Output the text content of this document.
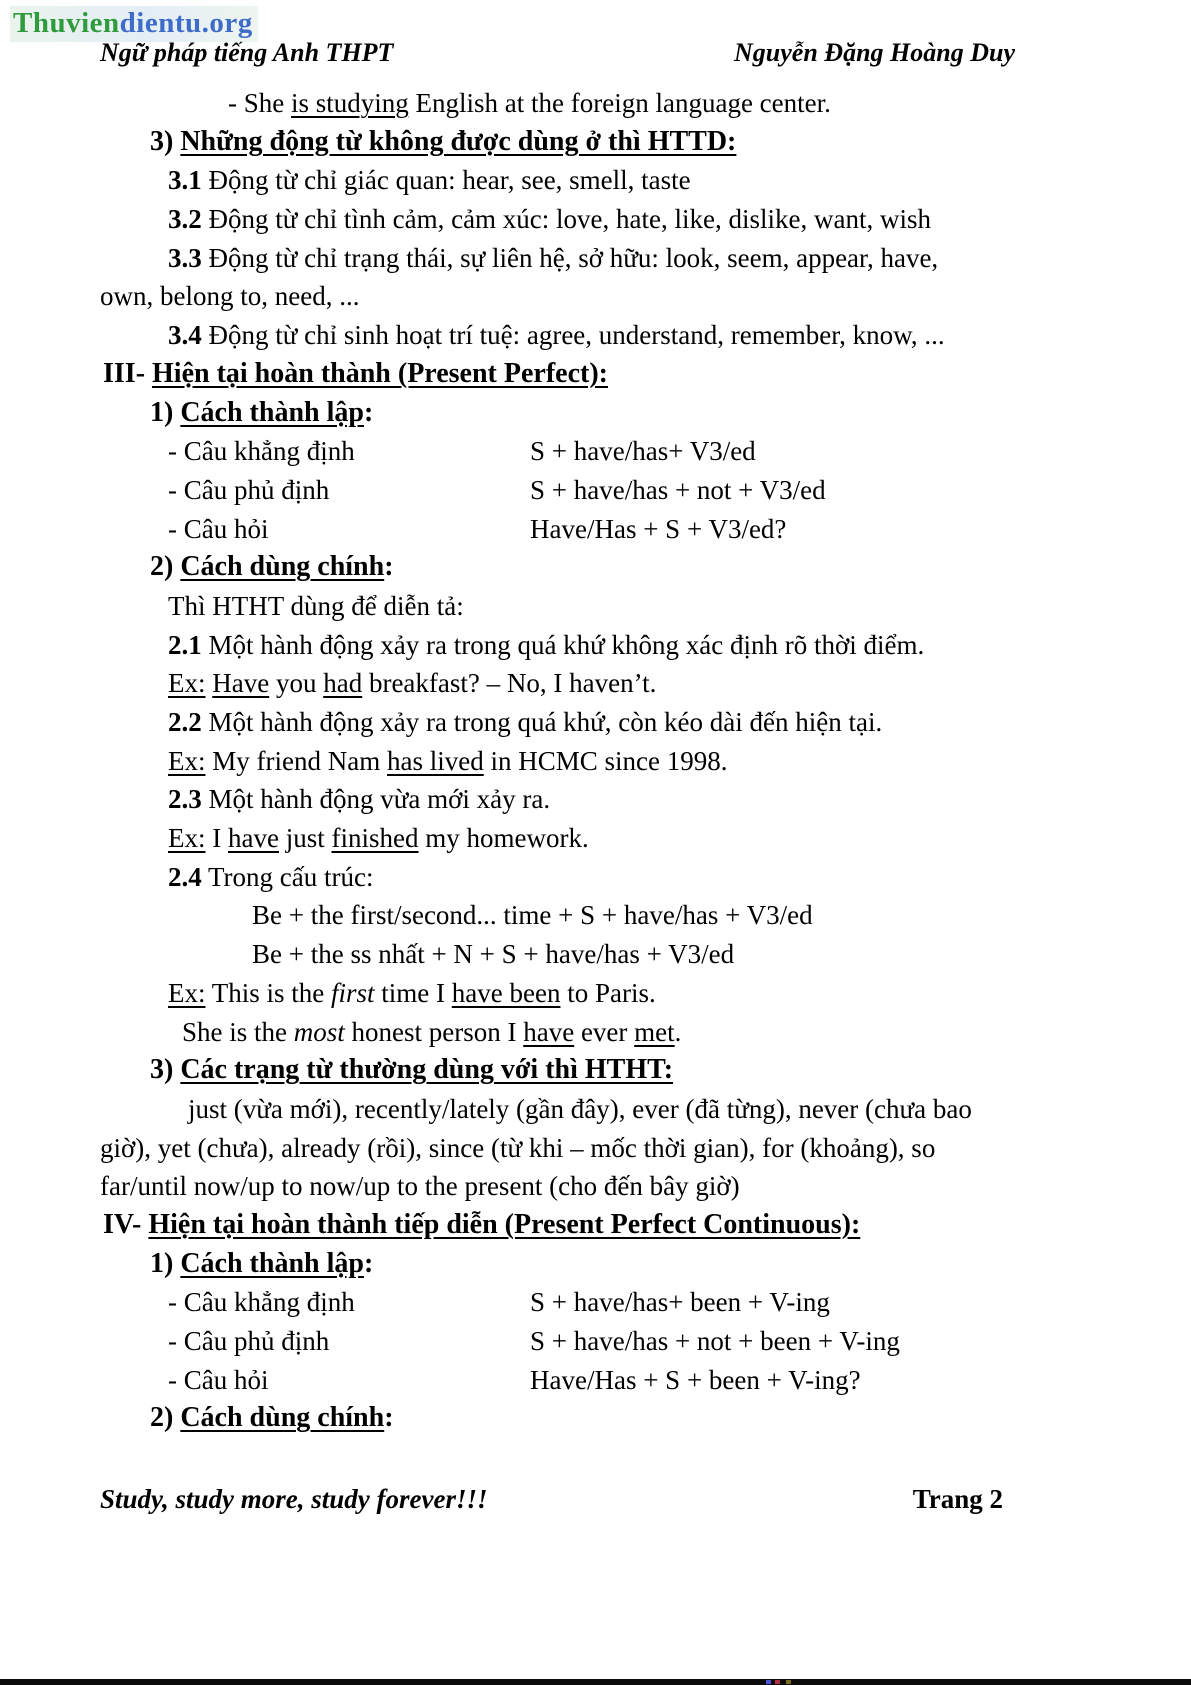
Thuviendientu.org
Ngữ pháp tiếng Anh THPT	Nguyễn Đặng Hoàng Duy
- She is studying English at the foreign language center.
3) Những động từ không được dùng ở thì HTTD:
3.1 Động từ chỉ giác quan: hear, see, smell, taste
3.2 Động từ chỉ tình cảm, cảm xúc: love, hate, like, dislike, want, wish
3.3 Động từ chỉ trạng thái, sự liên hệ, sở hữu: look, seem, appear, have,
own, belong to, need, ...
3.4 Động từ chỉ sinh hoạt trí tuệ: agree, understand, remember, know, ...
III- Hiện tại hoàn thành (Present Perfect):
1) Cách thành lập:
- Câu khẳng định	S + have/has+ V3/ed
- Câu phủ định	S + have/has + not + V3/ed
- Câu hỏi	Have/Has + S + V3/ed?
2) Cách dùng chính:
Thì HTHT dùng để diễn tả:
2.1 Một hành động xảy ra trong quá khứ không xác định rõ thời điểm.
Ex: Have you had breakfast? – No, I haven’t.
2.2 Một hành động xảy ra trong quá khứ, còn kéo dài đến hiện tại.
Ex: My friend Nam has lived in HCMC since 1998.
2.3 Một hành động vừa mới xảy ra.
Ex: I have just finished my homework.
2.4 Trong cấu trúc:
Be + the first/second... time + S + have/has + V3/ed
Be + the ss nhất + N + S + have/has + V3/ed
Ex: This is the first time I have been to Paris.
She is the most honest person I have ever met.
3) Các trạng từ thường dùng với thì HTHT:
just (vừa mới), recently/lately (gần đây), ever (đã từng), never (chưa bao
giờ), yet (chưa), already (rồi), since (từ khi – mốc thời gian), for (khoảng), so
far/until now/up to now/up to the present (cho đến bây giờ)
IV- Hiện tại hoàn thành tiếp diễn (Present Perfect Continuous):
1) Cách thành lập:
- Câu khẳng định	S + have/has+ been + V-ing
- Câu phủ định	S + have/has + not + been + V-ing
- Câu hỏi	Have/Has + S + been + V-ing?
2) Cách dùng chính:
Study, study more, study forever!!!	Trang 2
